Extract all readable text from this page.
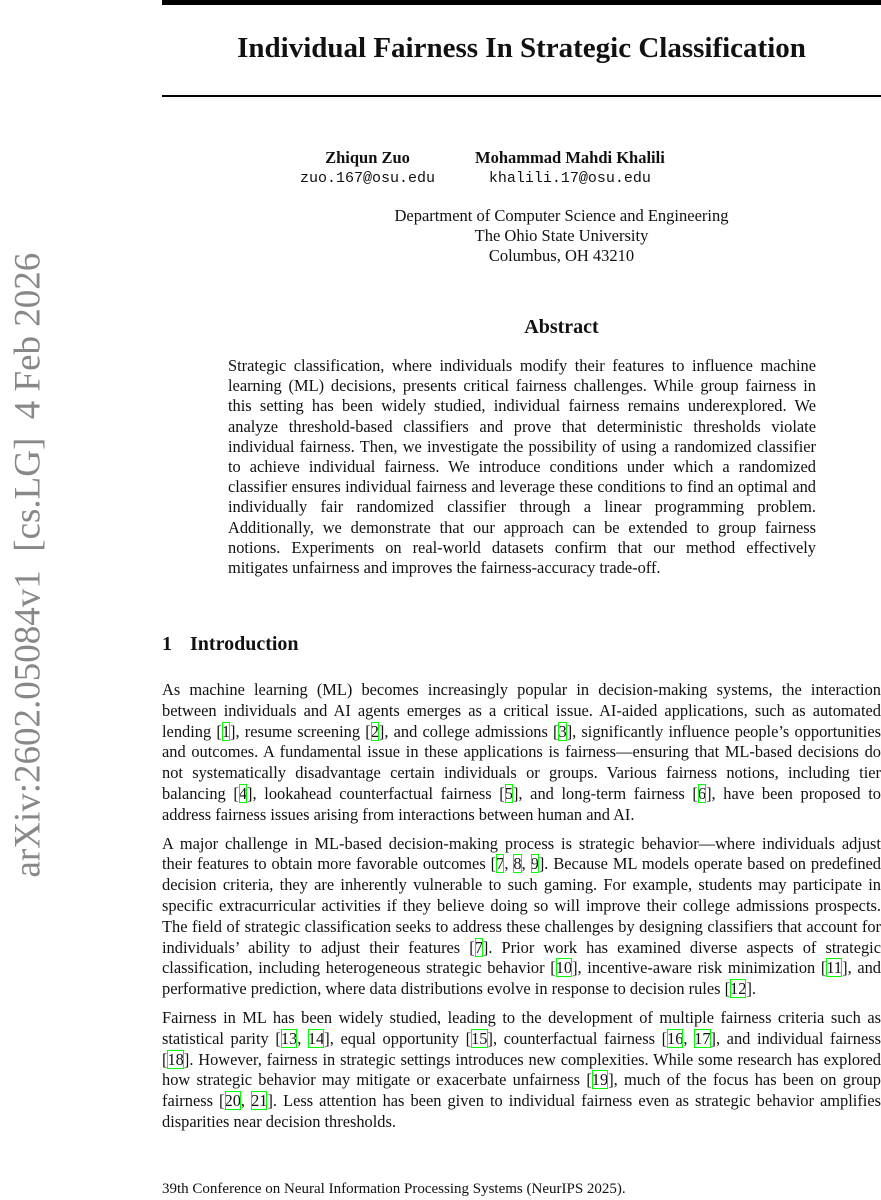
arXiv:2602.05084v1  [cs.LG]  4 Feb 2026
Individual Fairness In Strategic Classification
Zhiqun Zuo
zuo.167@osu.edu
Mohammad Mahdi Khalili
khalili.17@osu.edu
Department of Computer Science and Engineering
The Ohio State University
Columbus, OH 43210
Abstract
Strategic classification, where individuals modify their features to influence machine learning (ML) decisions, presents critical fairness challenges. While group fairness in this setting has been widely studied, individual fairness remains underexplored. We analyze threshold-based classifiers and prove that deterministic thresholds violate individual fairness. Then, we investigate the possibility of using a randomized classifier to achieve individual fairness. We introduce conditions under which a randomized classifier ensures individual fairness and leverage these conditions to find an optimal and individually fair randomized classifier through a linear programming problem. Additionally, we demonstrate that our approach can be extended to group fairness notions. Experiments on real-world datasets confirm that our method effectively mitigates unfairness and improves the fairness-accuracy trade-off.
1 Introduction

As machine learning (ML) becomes increasingly popular in decision-making systems, the interaction between individuals and AI agents emerges as a critical issue. AI-aided applications, such as automated lending [1], resume screening [2], and college admissions [3], significantly influence people’s opportunities and outcomes. A fundamental issue in these applications is fairness—ensuring that ML-based decisions do not systematically disadvantage certain individuals or groups. Various fairness notions, including tier balancing [4], lookahead counterfactual fairness [5], and long-term fairness [6], have been proposed to address fairness issues arising from interactions between human and AI.

A major challenge in ML-based decision-making process is strategic behavior—where individuals adjust their features to obtain more favorable outcomes [7, 8, 9]. Because ML models operate based on predefined decision criteria, they are inherently vulnerable to such gaming. For example, students may participate in specific extracurricular activities if they believe doing so will improve their college admissions prospects. The field of strategic classification seeks to address these challenges by designing classifiers that account for individuals’ ability to adjust their features [7]. Prior work has examined diverse aspects of strategic classification, including heterogeneous strategic behavior [10], incentive-aware risk minimization [11], and performative prediction, where data distributions evolve in response to decision rules [12].

Fairness in ML has been widely studied, leading to the development of multiple fairness criteria such as statistical parity [13, 14], equal opportunity [15], counterfactual fairness [16, 17], and individual fairness [18]. However, fairness in strategic settings introduces new complexities. While some research has explored how strategic behavior may mitigate or exacerbate unfairness [19], much of the focus has been on group fairness [20, 21]. Less attention has been given to individual fairness even as strategic behavior amplifies disparities near decision thresholds.

39th Conference on Neural Information Processing Systems (NeurIPS 2025).
